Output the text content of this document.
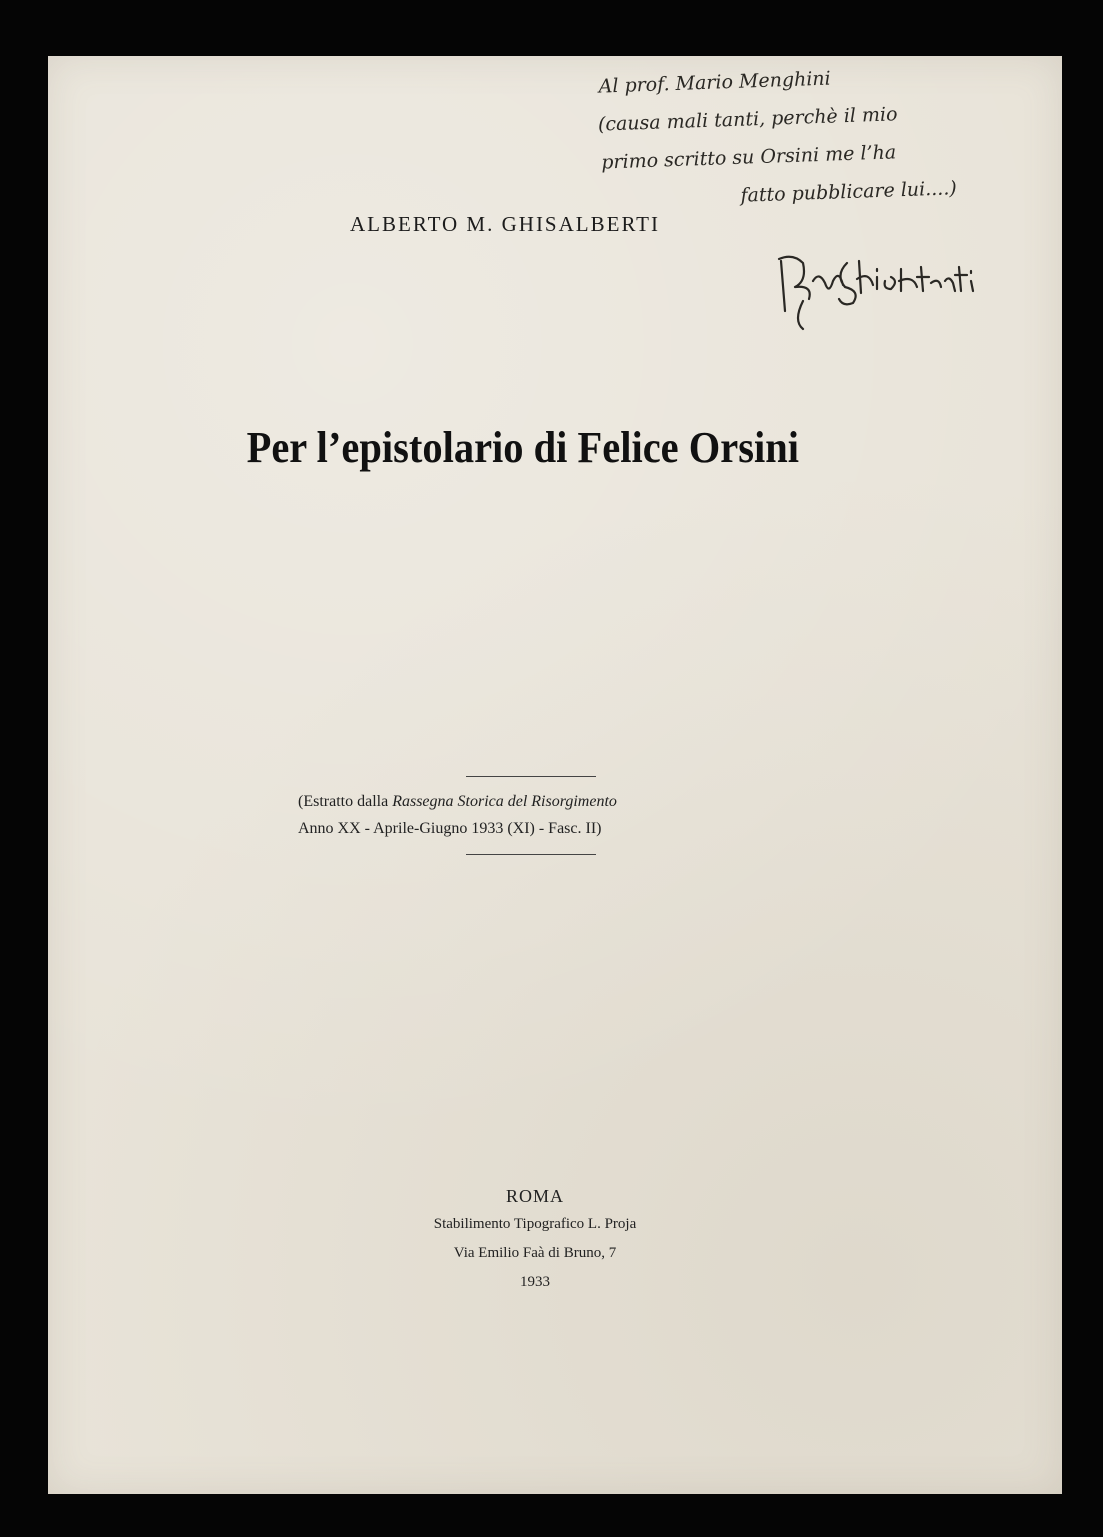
Al prof. Mario Menghini
(causa mali tanti, perchè il mio
primo scritto su Orsini me l’ha
fatto pubblicare lui....)
ALBERTO M. GHISALBERTI
Per l’epistolario di Felice Orsini
(Estratto dalla Rassegna Storica del Risorgimento
Anno XX - Aprile-Giugno 1933 (XI) - Fasc. II)
ROMA
Stabilimento Tipografico L. Proja
Via Emilio Faà di Bruno, 7
1933
